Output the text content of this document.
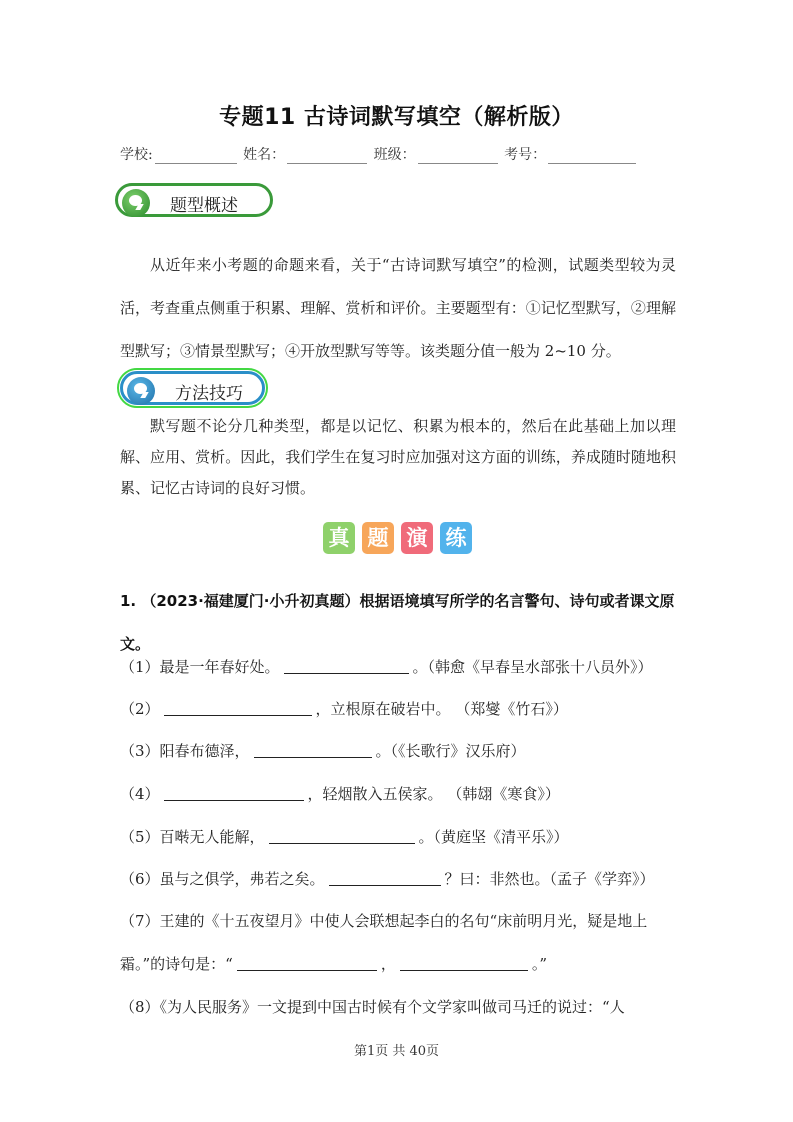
专题11 古诗词默写填空（解析版）
学校:	姓名：	班级：	考号：
题型概述
从近年来小考题的命题来看，关于“古诗词默写填空”的检测，试题类型较为灵活，考查重点侧重于积累、理解、赏析和评价。主要题型有：①记忆型默写，②理解型默写；③情景型默写；④开放型默写等等。该类题分值一般为 2~10 分。
方法技巧
默写题不论分几种类型，都是以记忆、积累为根本的，然后在此基础上加以理解、应用、赏析。因此，我们学生在复习时应加强对这方面的训练，养成随时随地积累、记忆古诗词的良好习惯。
真 题 演 练
1. （2023·福建厦门·小升初真题）根据语境填写所学的名言警句、诗句或者课文原文。
（1）最是一年春好处。	。（韩愈《早春呈水部张十八员外》）
（2）	，立根原在破岩中。 （郑燮《竹石》）
（3）阳春布德泽，	。（《长歌行》汉乐府）
（4）	，轻烟散入五侯家。 （韩翃《寒食》）
（5）百啭无人能解，	。（黄庭坚《清平乐》）
（6）虽与之俱学，弗若之矣。	？曰：非然也。（孟子《学弈》）
（7）王建的《十五夜望月》中使人会联想起李白的名句“床前明月光，疑是地上
霜。”的诗句是：“	，	。”
（8）《为人民服务》一文提到中国古时候有个文学家叫做司马迁的说过：“人
第1页 共 40页
